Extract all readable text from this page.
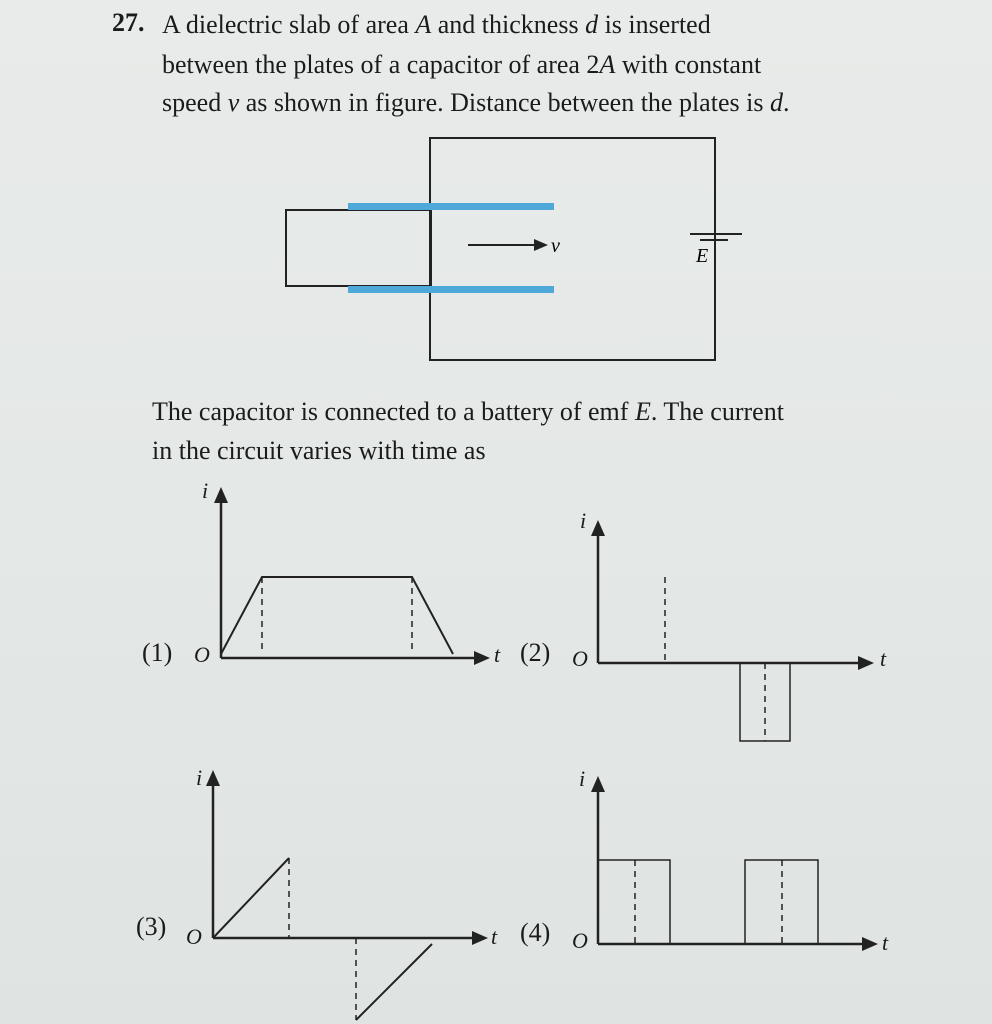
27. A dielectric slab of area A and thickness d is inserted
between the plates of a capacitor of area 2A with constant
speed v as shown in figure. Distance between the plates is d.
v	E
The capacitor is connected to a battery of emf E. The current
in the circuit varies with time as
(1) O
i
t (2) O
i
t
(3) O
i
t (4) O
i
t
